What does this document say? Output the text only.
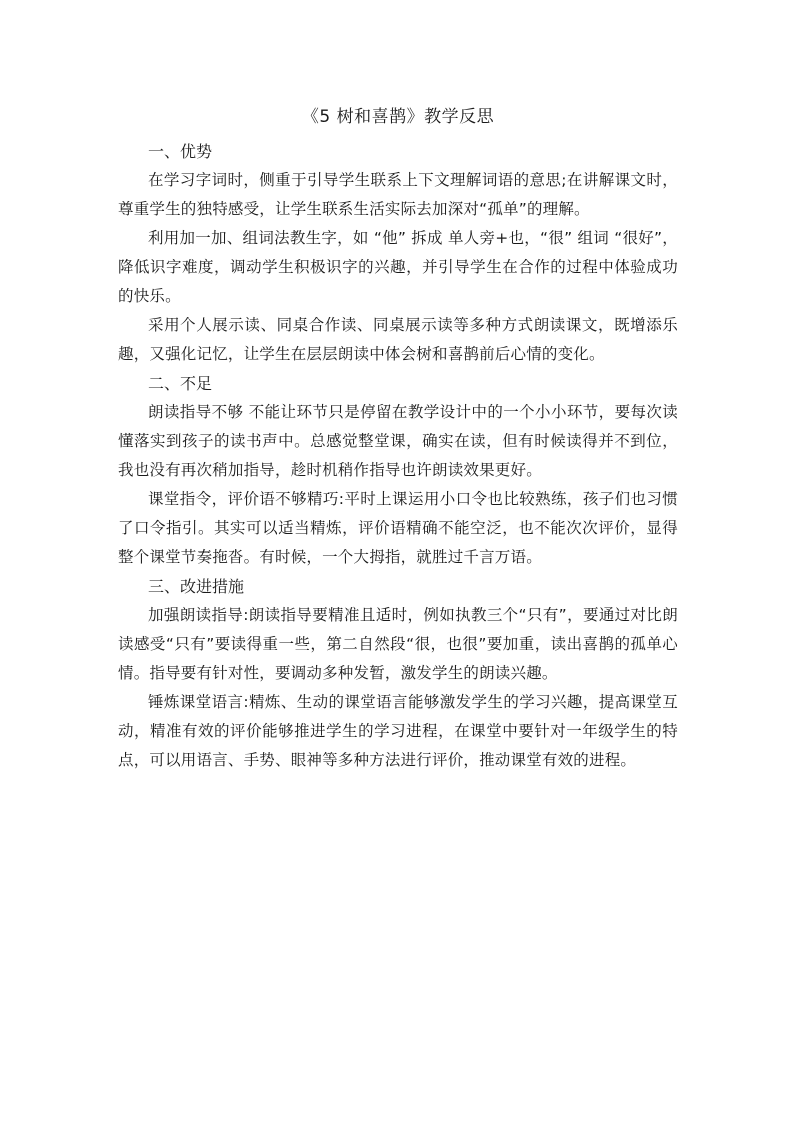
《5 树和喜鹊》教学反思
一、优势

在学习字词时，侧重于引导学生联系上下文理解词语的意思;在讲解课文时，尊重学生的独特感受，让学生联系生活实际去加深对“孤单”的理解。

利用加一加、组词法教生字，如 “他” 拆成 单人旁+也，“很” 组词 “很好”，降低识字难度，调动学生积极识字的兴趣，并引导学生在合作的过程中体验成功的快乐。

采用个人展示读、同桌合作读、同桌展示读等多种方式朗读课文，既增添乐趣，又强化记忆，让学生在层层朗读中体会树和喜鹊前后心情的变化。

二、不足

朗读指导不够 不能让环节只是停留在教学设计中的一个小小环节，要每次读懂落实到孩子的读书声中。总感觉整堂课，确实在读，但有时候读得并不到位，我也没有再次稍加指导，趁时机稍作指导也许朗读效果更好。

课堂指令，评价语不够精巧:平时上课运用小口令也比较熟练，孩子们也习惯了口令指引。其实可以适当精炼，评价语精确不能空泛，也不能次次评价，显得整个课堂节奏拖沓。有时候，一个大拇指，就胜过千言万语。

三、改进措施

加强朗读指导:朗读指导要精准且适时，例如执教三个“只有”，要通过对比朗读感受“只有”要读得重一些，第二自然段“很，也很”要加重，读出喜鹊的孤单心情。指导要有针对性，要调动多种发暂，激发学生的朗读兴趣。

锤炼课堂语言:精炼、生动的课堂语言能够激发学生的学习兴趣，提高课堂互动，精准有效的评价能够推进学生的学习进程，在课堂中要针对一年级学生的特点，可以用语言、手势、眼神等多种方法进行评价，推动课堂有效的进程。
